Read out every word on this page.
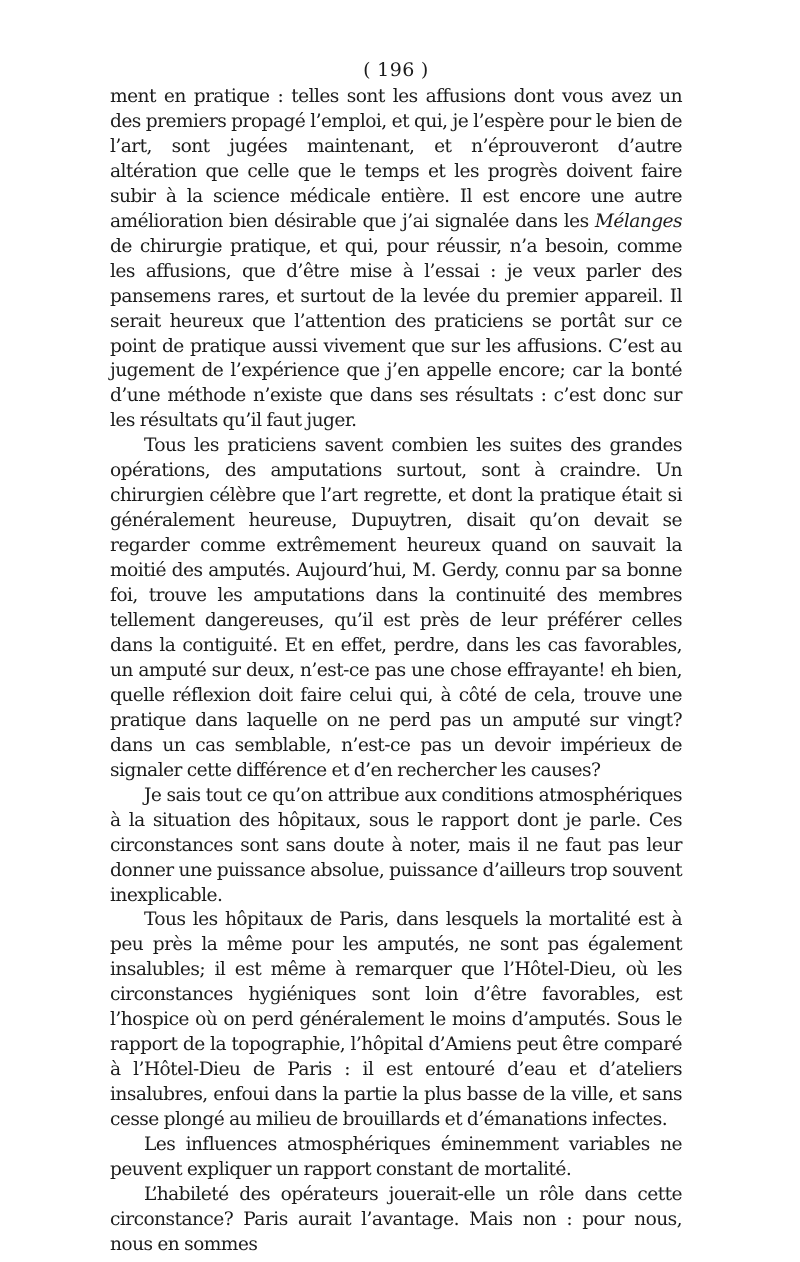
( 196 )

ment en pratique : telles sont les affusions dont vous avez un des premiers propagé l’emploi, et qui, je l’espère pour le bien de l’art, sont jugées maintenant, et n’éprouveront d’autre altération que celle que le temps et les progrès doivent faire subir à la science médicale entière. Il est encore une autre amélioration bien désirable que j’ai signalée dans les Mélanges de chirurgie pratique, et qui, pour réussir, n’a besoin, comme les affusions, que d’être mise à l’essai : je veux parler des pansemens rares, et surtout de la levée du premier appareil. Il serait heureux que l’attention des praticiens se portât sur ce point de pratique aussi vivement que sur les affusions. C’est au jugement de l’expérience que j’en appelle encore; car la bonté d’une méthode n’existe que dans ses résultats : c’est donc sur les résultats qu’il faut juger.

Tous les praticiens savent combien les suites des grandes opérations, des amputations surtout, sont à craindre. Un chirurgien célèbre que l’art regrette, et dont la pratique était si généralement heureuse, Dupuytren, disait qu’on devait se regarder comme extrêmement heureux quand on sauvait la moitié des amputés. Aujourd’hui, M. Gerdy, connu par sa bonne foi, trouve les amputations dans la continuité des membres tellement dangereuses, qu’il est près de leur préférer celles dans la contiguité. Et en effet, perdre, dans les cas favorables, un amputé sur deux, n’est-ce pas une chose effrayante! eh bien, quelle réflexion doit faire celui qui, à côté de cela, trouve une pratique dans laquelle on ne perd pas un amputé sur vingt? dans un cas semblable, n’est-ce pas un devoir impérieux de signaler cette différence et d’en rechercher les causes?

Je sais tout ce qu’on attribue aux conditions atmosphériques à la situation des hôpitaux, sous le rapport dont je parle. Ces circonstances sont sans doute à noter, mais il ne faut pas leur donner une puissance absolue, puissance d’ailleurs trop souvent inexplicable.

Tous les hôpitaux de Paris, dans lesquels la mortalité est à peu près la même pour les amputés, ne sont pas également insalubles; il est même à remarquer que l’Hôtel-Dieu, où les circonstances hygiéniques sont loin d’être favorables, est l’hospice où on perd généralement le moins d’amputés. Sous le rapport de la topographie, l’hôpital d’Amiens peut être comparé à l’Hôtel-Dieu de Paris : il est entouré d’eau et d’ateliers insalubres, enfoui dans la partie la plus basse de la ville, et sans cesse plongé au milieu de brouillards et d’émanations infectes.

Les influences atmosphériques éminemment variables ne peuvent expliquer un rapport constant de mortalité.

L’habileté des opérateurs jouerait-elle un rôle dans cette circonstance? Paris aurait l’avantage. Mais non : pour nous, nous en sommes
